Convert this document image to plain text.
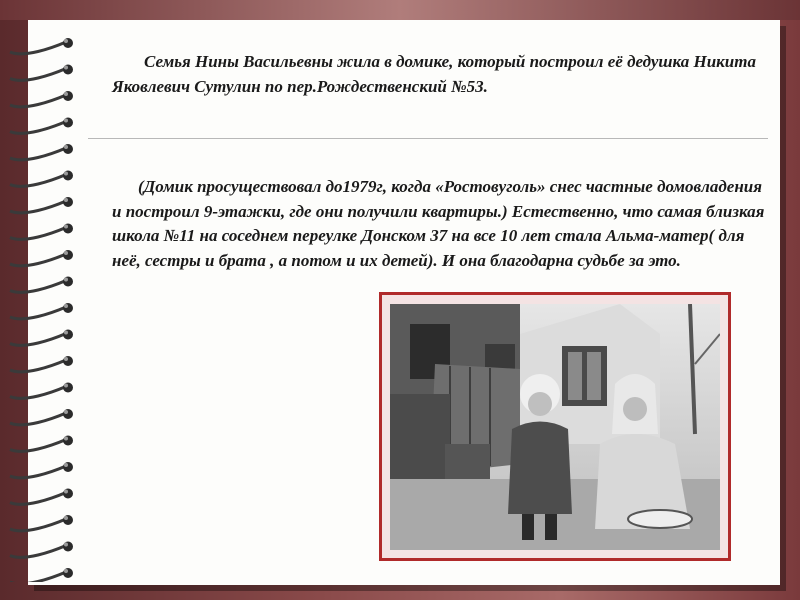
Семья Нины Васильевны жила в домике, который построил её дедушка Никита Яковлевич Сутулин по пер.Рождественский №53.

(Домик просуществовал до1979г, когда «Ростовуголь» снес частные домовладения и построил 9-этажки, где они получили квартиры.) Естественно, что самая близкая школа №11 на соседнем переулке Донском 37 на все 10 лет стала Альма-матер( для неё, сестры и брата , а потом и их детей). И она благодарна судьбе за это.
